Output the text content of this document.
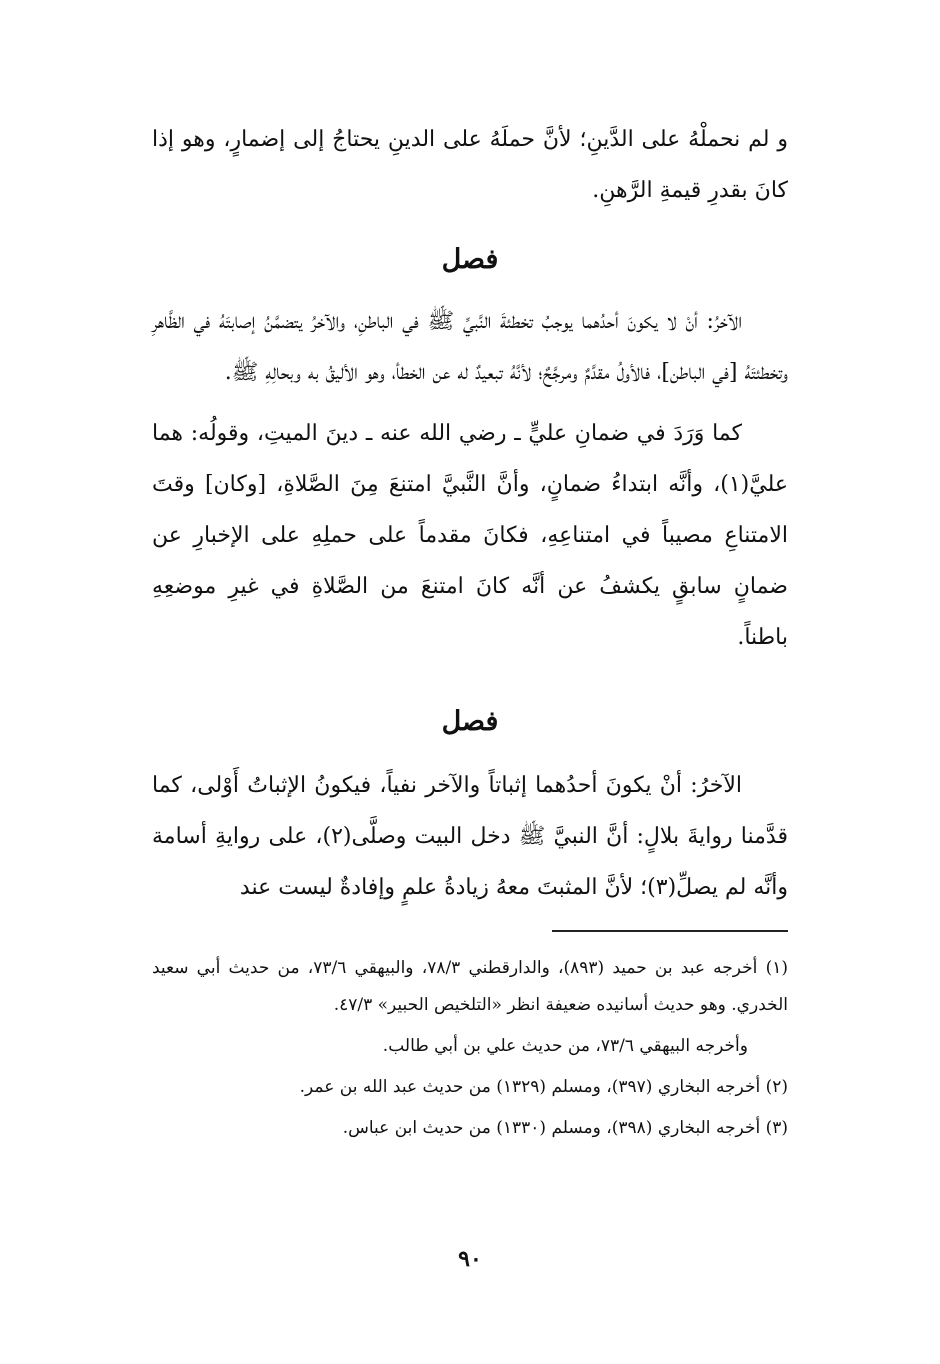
و لم نحملْهُ على الدَّينِ؛ لأنَّ حملَهُ على الدينِ يحتاجُ إلى إضمارٍ، وهو إذا كانَ بقدرِ قيمةِ الرَّهنِ.

فصل

الآخرُ: أنْ لا يكونَ أحدُهما يوجبُ تخطئةَ النَّبيِّ ﷺ في الباطنِ، والآخرُ يتضمَّنُ إصابتَهُ في الظَّاهرِ وتخطئتَهُ [في الباطن]، فالأولُ مقدَّمٌ ومرجَّحٌ؛ لأنَّهُ تبعيدٌ له عن الخطأ، وهو الأليقُ به وبحالِهِ ﷺ.

كما وَرَدَ في ضمانِ عليٍّ ـ رضي الله عنه ـ دينَ الميتِ، وقولُه: هما عليَّ(١)، وأنَّه ابتداءُ ضمانٍ، وأنَّ النَّبيَّ امتنعَ مِنَ الصَّلاةِ، [وكان] وقتَ الامتناعِ مصيباً في امتناعِهِ، فكانَ مقدماً على حملِهِ على الإخبارِ عن ضمانٍ سابقٍ يكشفُ عن أنَّه كانَ امتنعَ من الصَّلاةِ في غيرِ موضعِهِ باطناً.

فصل

الآخرُ: أنْ يكونَ أحدُهما إثباتاً والآخر نفياً، فيكونُ الإثباتُ أَوْلى، كما قدَّمنا روايةَ بلالٍ: أنَّ النبيَّ ﷺ دخل البيت وصلَّى(٢)، على روايةِ أسامة وأنَّه لم يصلِّ(٣)؛ لأنَّ المثبتَ معهُ زيادةُ علمٍ وإفادةٌ ليست عند

(١) أخرجه عبد بن حميد (٨٩٣)، والدارقطني ٧٨/٣، والبيهقي ٧٣/٦، من حديث أبي سعيد الخدري. وهو حديث أسانيده ضعيفة انظر «التلخيص الحبير» ٤٧/٣.

وأخرجه البيهقي ٧٣/٦، من حديث علي بن أبي طالب.

(٢) أخرجه البخاري (٣٩٧)، ومسلم (١٣٢٩) من حديث عبد الله بن عمر.

(٣) أخرجه البخاري (٣٩٨)، ومسلم (١٣٣٠) من حديث ابن عباس.

٩٠
